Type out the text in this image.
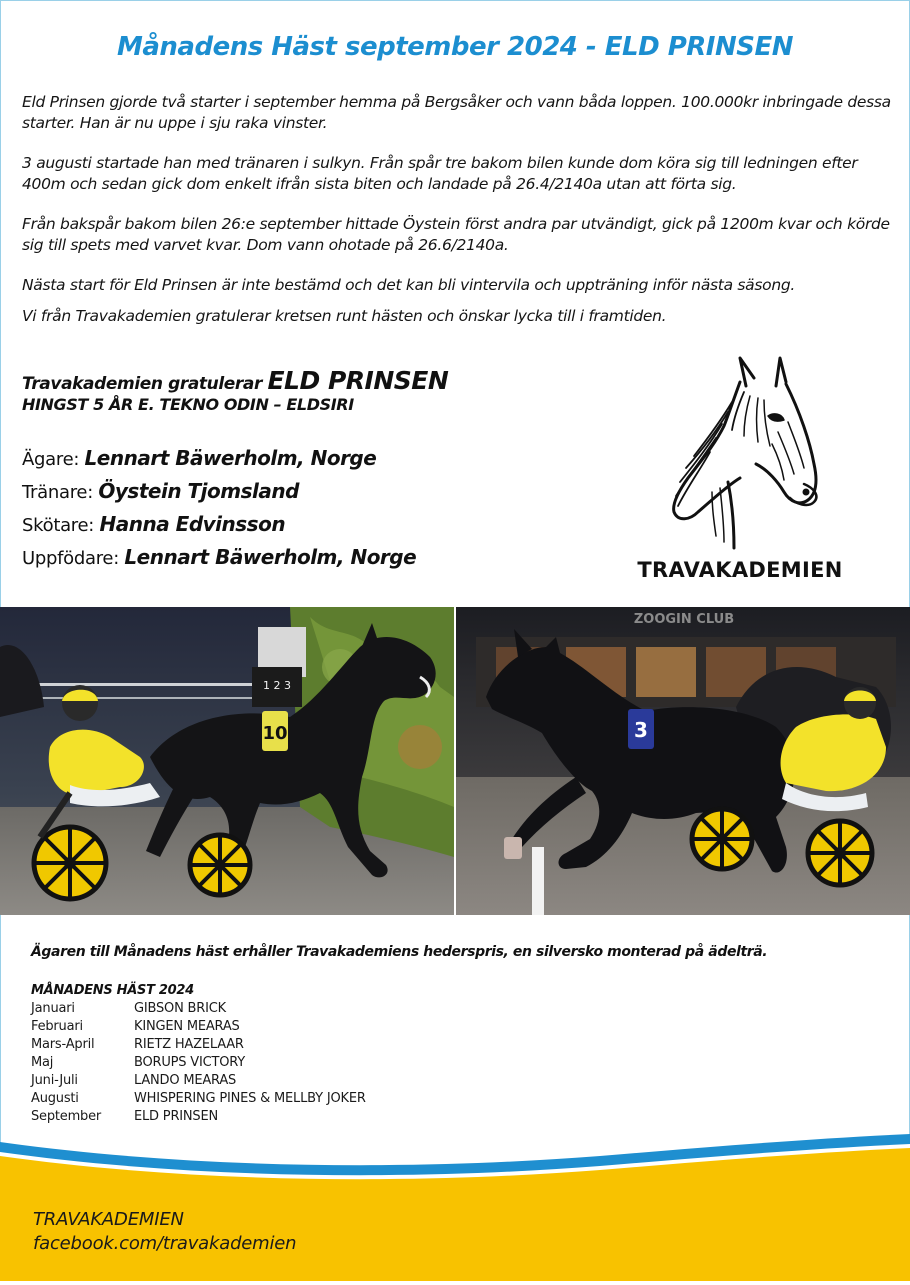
Månadens Häst september 2024 - ELD PRINSEN

Eld Prinsen gjorde två starter i september hemma på Bergsåker och vann båda loppen. 100.000kr inbringade dessa starter. Han är nu uppe i sju raka vinster.

3 augusti startade han med tränaren i sulkyn. Från spår tre bakom bilen kunde dom köra sig till ledningen efter 400m och sedan gick dom enkelt ifrån sista biten och landade på 26.4/2140a utan att förta sig.

Från bakspår bakom bilen 26:e september hittade Öystein först andra par utvändigt, gick på 1200m kvar och körde sig till spets med varvet kvar. Dom vann ohotade på 26.6/2140a.

Nästa start för Eld Prinsen är inte bestämd och det kan bli vintervila och uppträning inför nästa säsong.

Vi från Travakademien gratulerar kretsen runt hästen och önskar lycka till i framtiden.

Travakademien gratulerar ELD PRINSEN
HINGST 5 ÅR E. TEKNO ODIN – ELDSIRI
Ägare: Lennart Bäwerholm, Norge
Tränare: Öystein Tjomsland
Skötare: Hanna Edvinsson
Uppfödare: Lennart Bäwerholm, Norge
TRAVAKADEMIEN
1 2 3
10
ZOOGIN CLUB
3
Ägaren till Månadens häst erhåller Travakademiens hederspris, en silversko monterad på ädelträ.
MÅNADENS HÄST 2024
Januari	GIBSON BRICK
Februari	KINGEN MEARAS
Mars-April	RIETZ HAZELAAR
Maj	BORUPS VICTORY
Juni-Juli	LANDO MEARAS
Augusti	WHISPERING PINES & MELLBY JOKER
September	ELD PRINSEN
TRAVAKADEMIEN
facebook.com/travakademien
